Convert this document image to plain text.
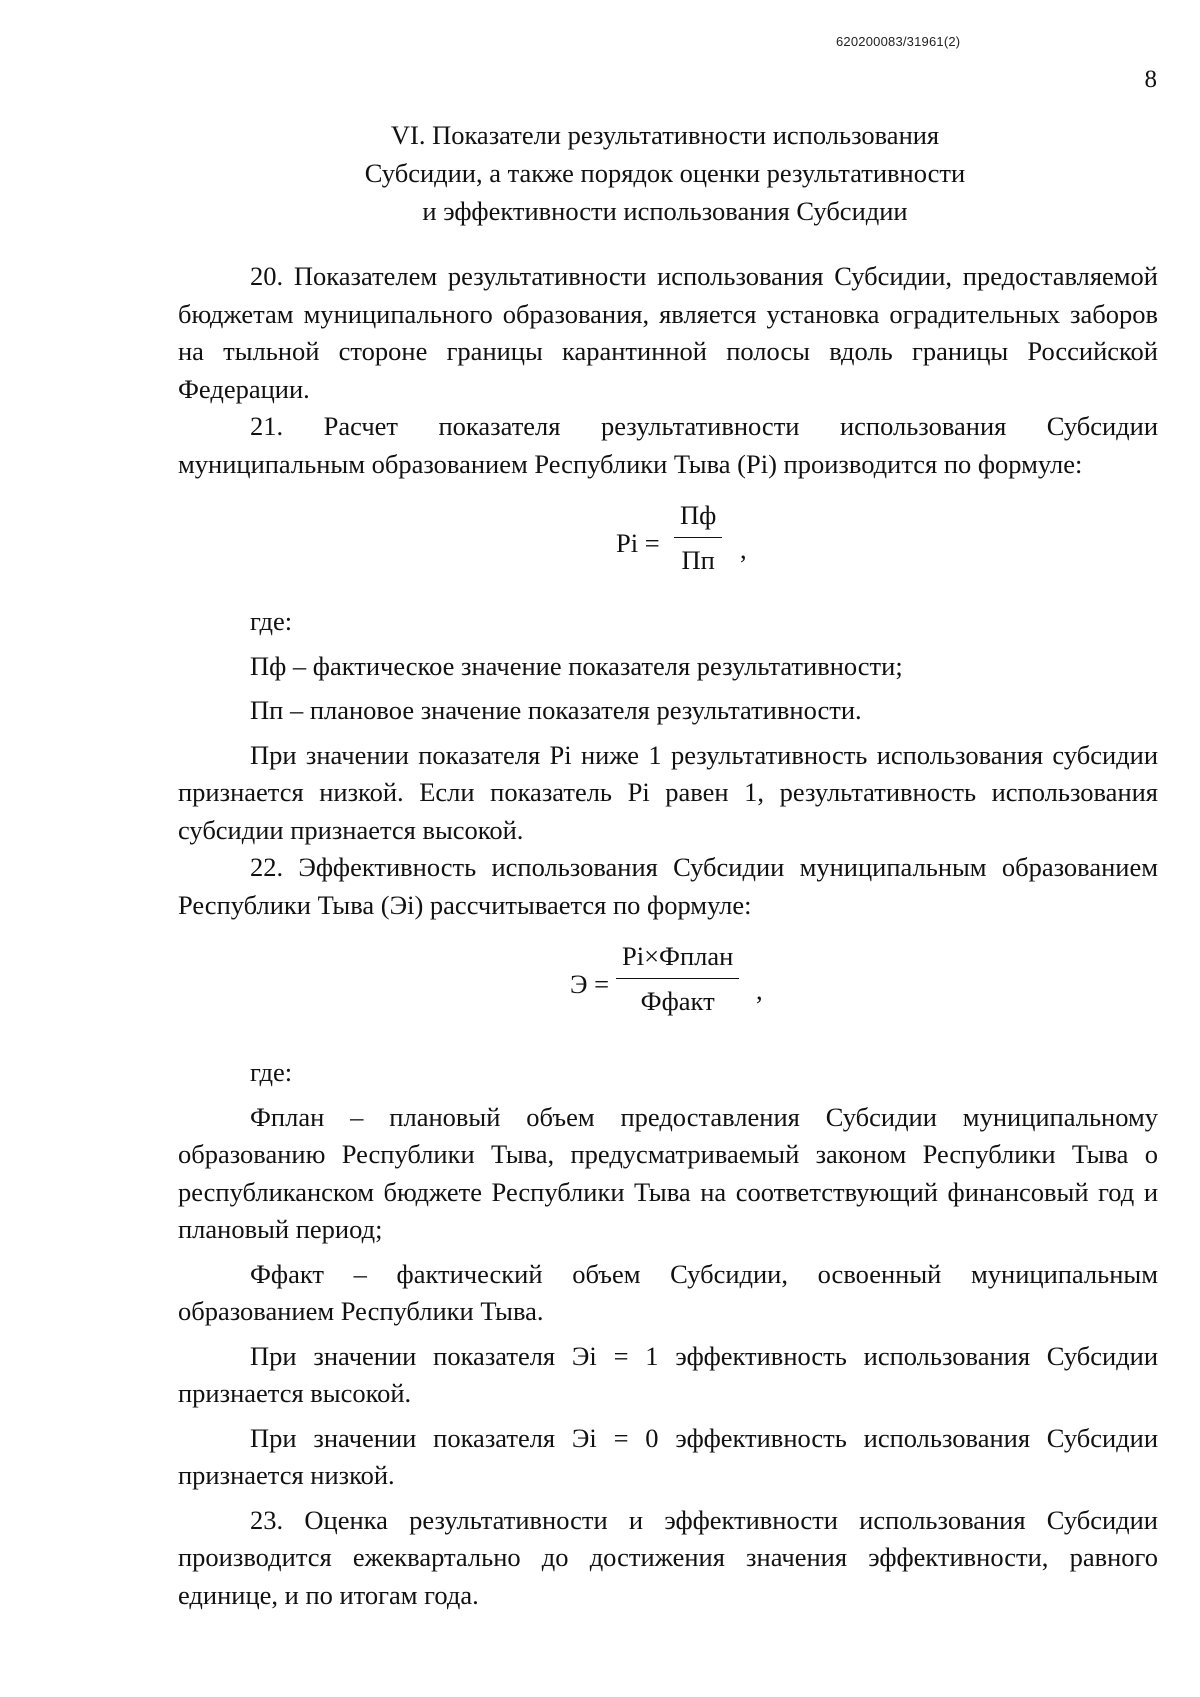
620200083/31961(2)
8
VI. Показатели результативности использования
Субсидии, а также порядок оценки результативности
и эффективности использования Субсидии

20. Показателем результативности использования Субсидии, предоставляемой бюджетам муниципального образования, является установка оградительных заборов на тыльной стороне границы карантинной полосы вдоль границы Российской Федерации.

21. Расчет показателя результативности использования Субсидии муниципальным образованием Республики Тыва (Pi) производится по формуле:

Pi =
Пф
Пп ,

где:

Пф – фактическое значение показателя результативности;

Пп – плановое значение показателя результативности.

При значении показателя Pi ниже 1 результативность использования субсидии признается низкой. Если показатель Pi равен 1, результативность использования субсидии признается высокой.

22. Эффективность использования Субсидии муниципальным образованием Республики Тыва (Эi) рассчитывается по формуле:

Э =
Pi×Фплан
Ффакт	,

где:

Фплан – плановый объем предоставления Субсидии муниципальному образованию Республики Тыва, предусматриваемый законом Республики Тыва о республиканском бюджете Республики Тыва на соответствующий финансовый год и плановый период;

Ффакт – фактический объем Субсидии, освоенный муниципальным образованием Республики Тыва.

При значении показателя Эi = 1 эффективность использования Субсидии признается высокой.

При значении показателя Эi = 0 эффективность использования Субсидии признается низкой.

23. Оценка результативности и эффективности использования Субсидии производится ежеквартально до достижения значения эффективности, равного единице, и по итогам года.
